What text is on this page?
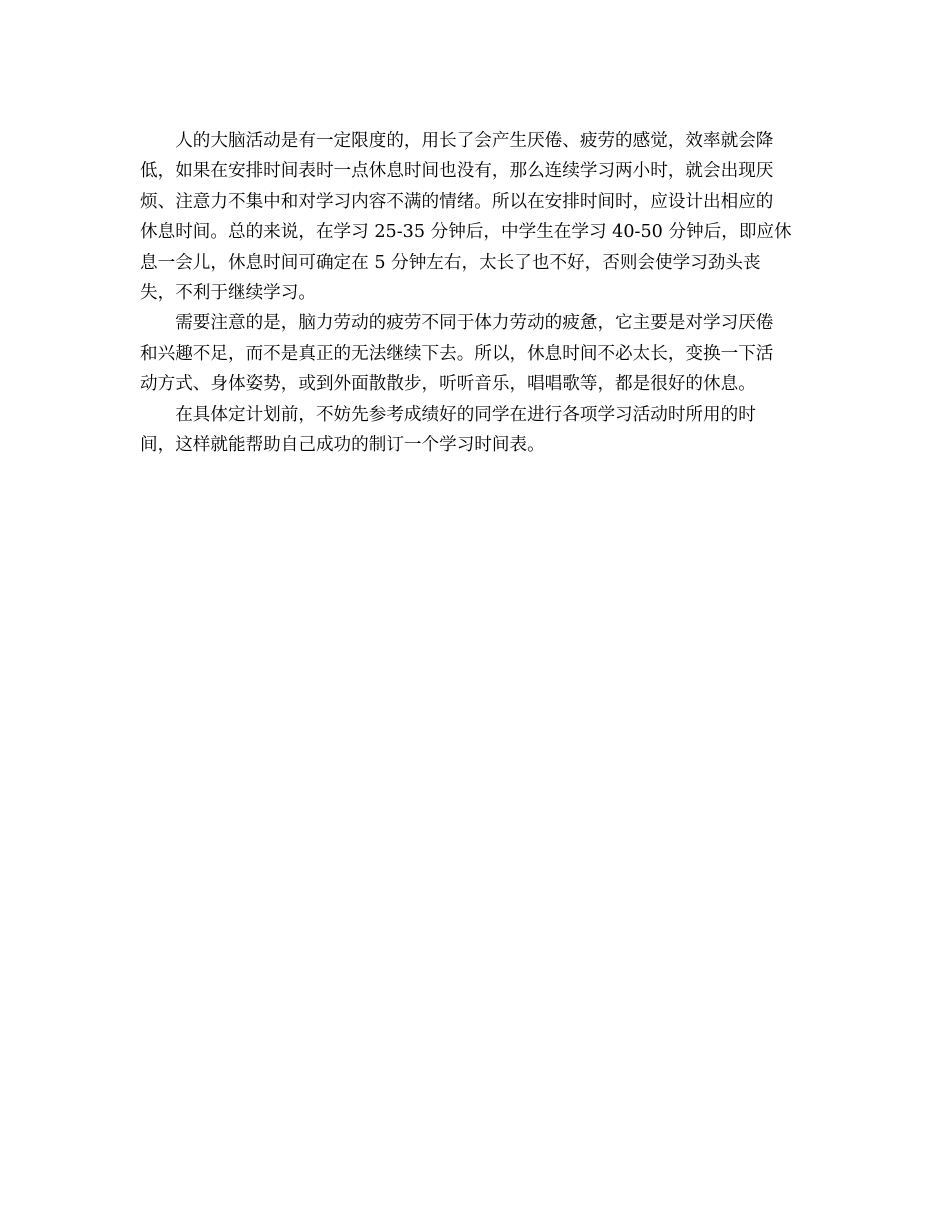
人的大脑活动是有一定限度的，用长了会产生厌倦、疲劳的感觉，效率就会降
低，如果在安排时间表时一点休息时间也没有，那么连续学习两小时，就会出现厌
烦、注意力不集中和对学习内容不满的情绪。所以在安排时间时，应设计出相应的
休息时间。总的来说，在学习 25-35 分钟后，中学生在学习 40-50 分钟后，即应休
息一会儿，休息时间可确定在 5 分钟左右，太长了也不好，否则会使学习劲头丧
失，不利于继续学习。

需要注意的是，脑力劳动的疲劳不同于体力劳动的疲惫，它主要是对学习厌倦
和兴趣不足，而不是真正的无法继续下去。所以，休息时间不必太长，变换一下活
动方式、身体姿势，或到外面散散步，听听音乐，唱唱歌等，都是很好的休息。

在具体定计划前，不妨先参考成绩好的同学在进行各项学习活动时所用的时
间，这样就能帮助自己成功的制订一个学习时间表。
